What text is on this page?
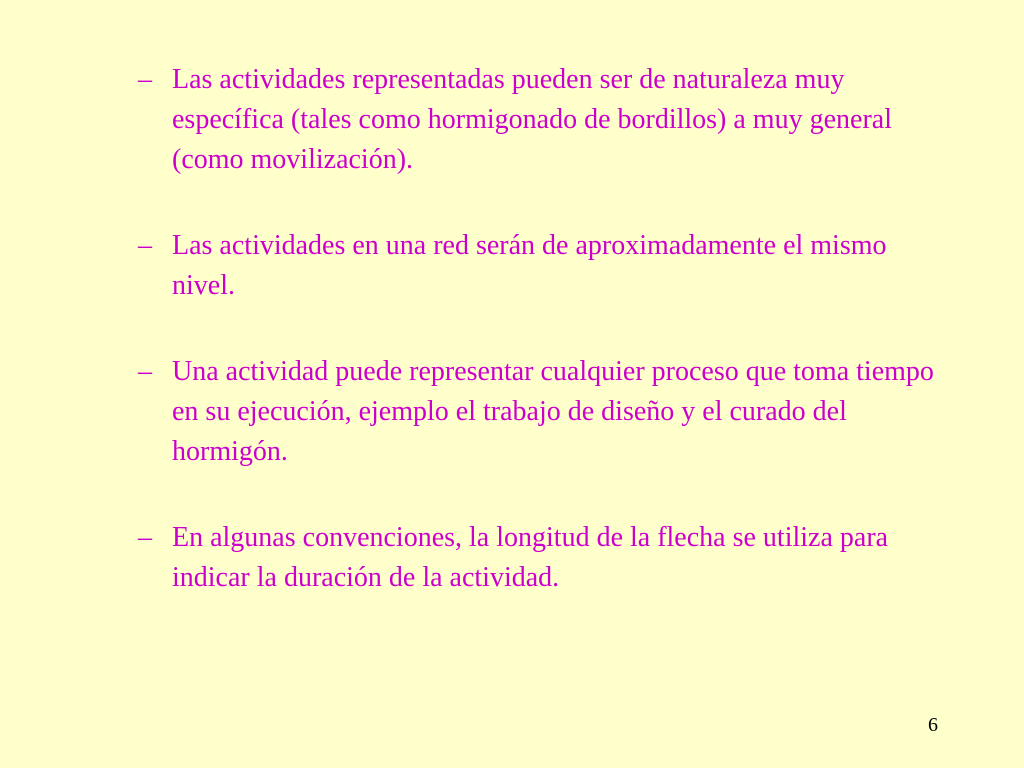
– Las actividades representadas pueden ser de naturaleza muy específica (tales como hormigonado de bordillos) a muy general (como movilización).
– Las actividades en una red serán de aproximadamente el mismo nivel.
– Una actividad puede representar cualquier proceso que toma tiempo en su ejecución, ejemplo el trabajo de diseño y el curado del hormigón.
– En algunas convenciones, la longitud de la flecha se utiliza para indicar la duración de la actividad.
6
